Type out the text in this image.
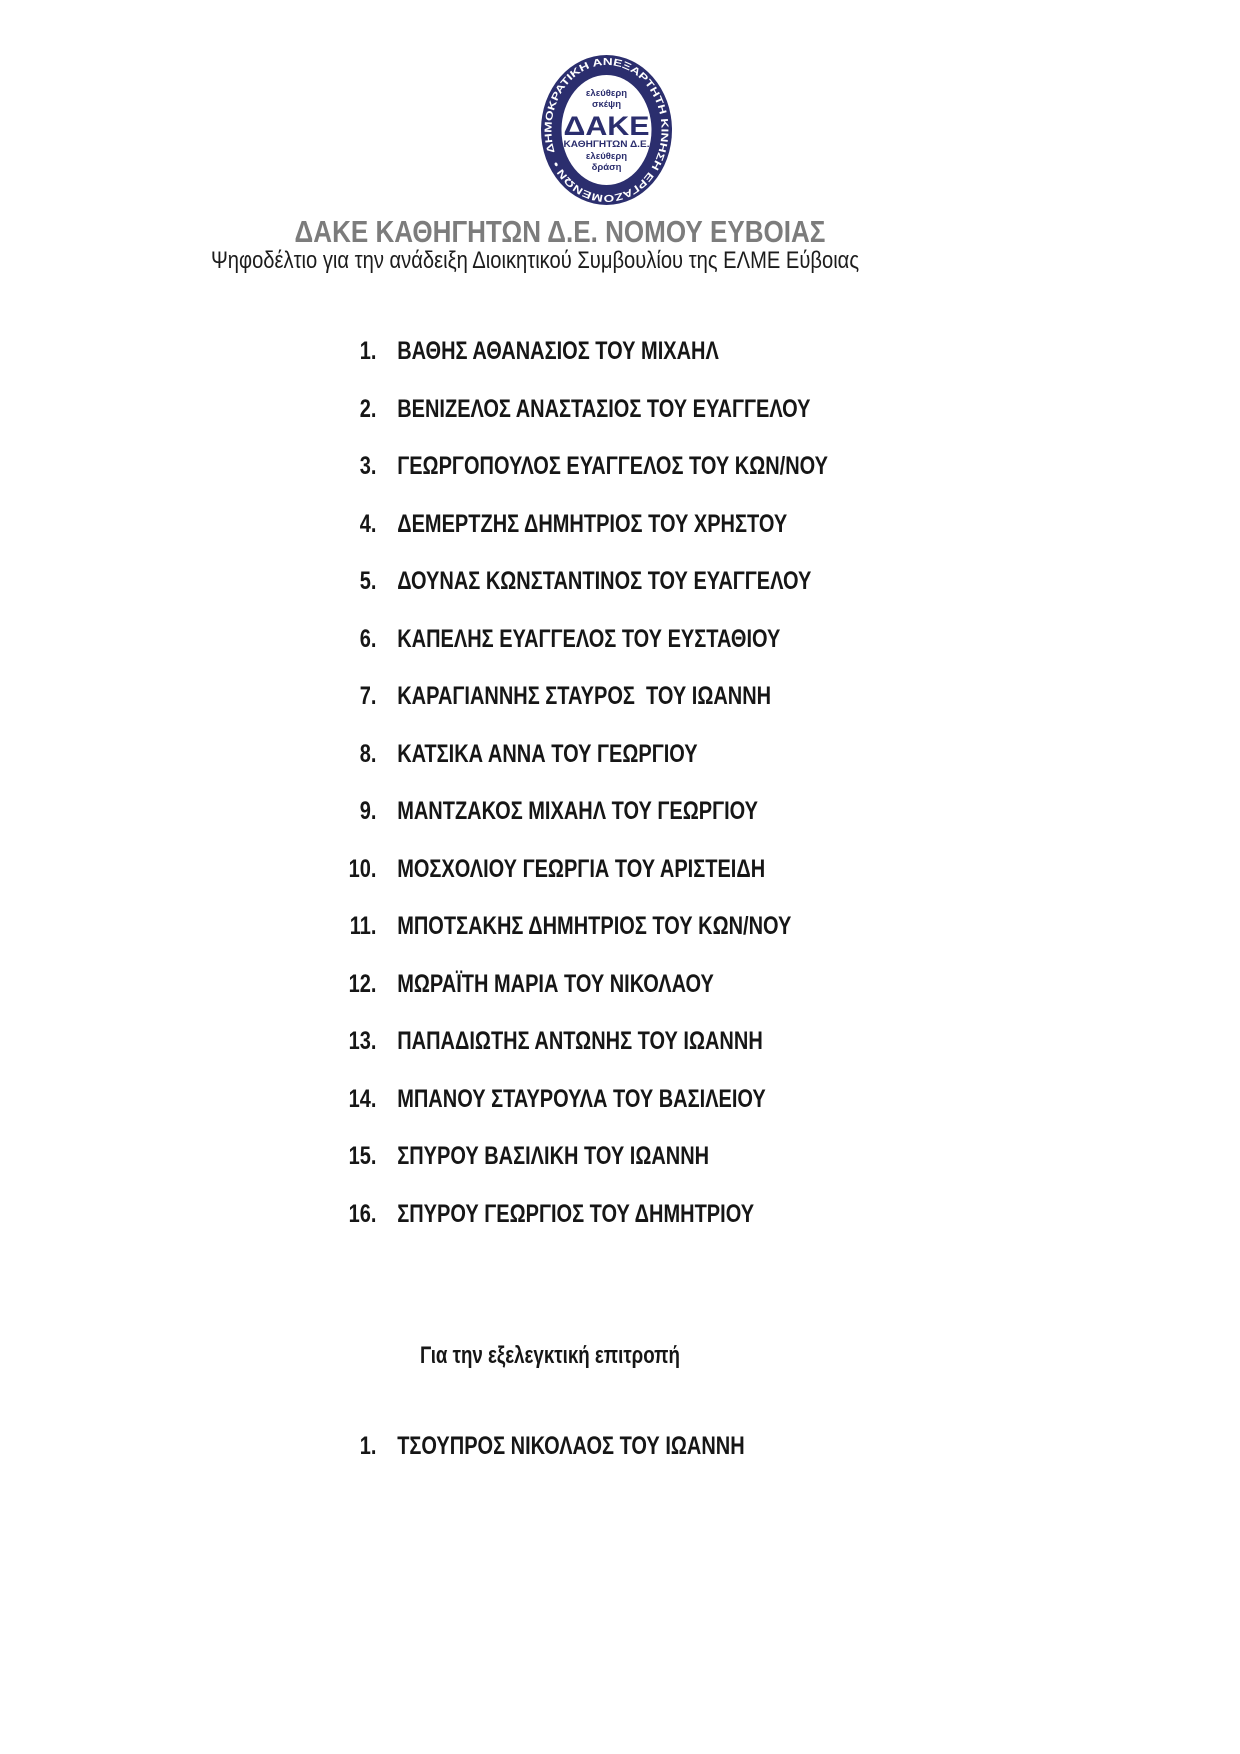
ΔΗΜΟΚΡΑΤΙΚΗ ΑΝΕΞΑΡΤΗΤΗ ΚΙΝΗΣΗ ΕΡΓΑΖΟΜΕΝΩΝ •
ελεύθερη
σκέψη
ΔΑΚΕ
ΚΑΘΗΓΗΤΩΝ Δ.Ε.
ελεύθερη
δράση
ΔΑΚΕ ΚΑΘΗΓΗΤΩΝ Δ.Ε. ΝΟΜΟΥ ΕΥΒΟΙΑΣ
Ψηφοδέλτιο για την ανάδειξη Διοικητικού Συμβουλίου της ΕΛΜΕ Εύβοιας
1. ΒΑΘΗΣ ΑΘΑΝΑΣΙΟΣ ΤΟΥ ΜΙΧΑΗΛ
2. ΒΕΝΙΖΕΛΟΣ ΑΝΑΣΤΑΣΙΟΣ ΤΟΥ ΕΥΑΓΓΕΛΟΥ
3. ΓΕΩΡΓΟΠΟΥΛΟΣ ΕΥΑΓΓΕΛΟΣ ΤΟΥ ΚΩΝ/ΝΟΥ
4. ΔΕΜΕΡΤΖΗΣ ΔΗΜΗΤΡΙΟΣ ΤΟΥ ΧΡΗΣΤΟΥ
5. ΔΟΥΝΑΣ ΚΩΝΣΤΑΝΤΙΝΟΣ ΤΟΥ ΕΥΑΓΓΕΛΟΥ
6. ΚΑΠΕΛΗΣ ΕΥΑΓΓΕΛΟΣ ΤΟΥ ΕΥΣΤΑΘΙΟΥ
7. ΚΑΡΑΓΙΑΝΝΗΣ ΣΤΑΥΡΟΣ  ΤΟΥ ΙΩΑΝΝΗ
8. ΚΑΤΣΙΚΑ ΑΝΝΑ ΤΟΥ ΓΕΩΡΓΙΟΥ
9. ΜΑΝΤΖΑΚΟΣ ΜΙΧΑΗΛ ΤΟΥ ΓΕΩΡΓΙΟΥ
10. ΜΟΣΧΟΛΙΟΥ ΓΕΩΡΓΙΑ ΤΟΥ ΑΡΙΣΤΕΙΔΗ
11. ΜΠΟΤΣΑΚΗΣ ΔΗΜΗΤΡΙΟΣ ΤΟΥ ΚΩΝ/ΝΟΥ
12. ΜΩΡΑΪΤΗ ΜΑΡΙΑ ΤΟΥ ΝΙΚΟΛΑΟΥ
13. ΠΑΠΑΔΙΩΤΗΣ ΑΝΤΩΝΗΣ ΤΟΥ ΙΩΑΝΝΗ
14. ΜΠΑΝΟΥ ΣΤΑΥΡΟΥΛΑ ΤΟΥ ΒΑΣΙΛΕΙΟΥ
15. ΣΠΥΡΟΥ ΒΑΣΙΛΙΚΗ ΤΟΥ ΙΩΑΝΝΗ
16. ΣΠΥΡΟΥ ΓΕΩΡΓΙΟΣ ΤΟΥ ΔΗΜΗΤΡΙΟΥ
Για την εξελεγκτική επιτροπή
1. ΤΣΟΥΠΡΟΣ ΝΙΚΟΛΑΟΣ ΤΟΥ ΙΩΑΝΝΗ
